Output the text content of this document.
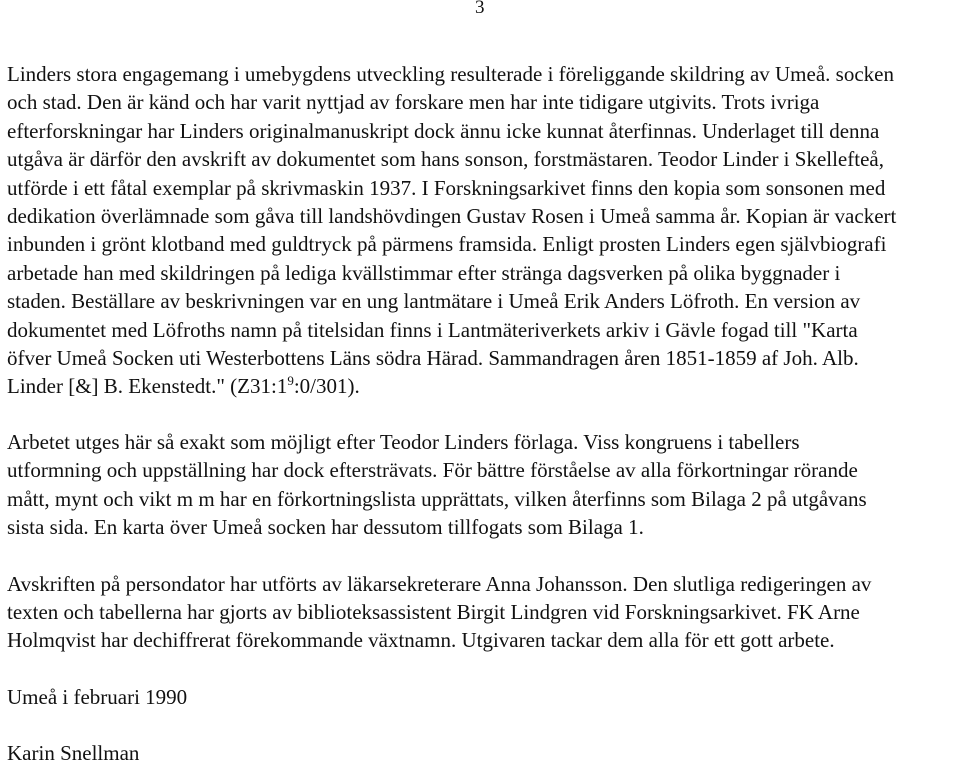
3

Linders stora engagemang i umebygdens utveckling resulterade i föreliggande skildring av Umeå. socken
och stad. Den är känd och har varit nyttjad av forskare men har inte tidigare utgivits. Trots ivriga
efterforskningar har Linders originalmanuskript dock ännu icke kunnat återfinnas. Underlaget till denna
utgåva är därför den avskrift av dokumentet som hans sonson, forstmästaren. Teodor Linder i Skellefteå,
utförde i ett fåtal exemplar på skrivmaskin 1937. I Forskningsarkivet finns den kopia som sonsonen med
dedikation överlämnade som gåva till landshövdingen Gustav Rosen i Umeå samma år. Kopian är vackert
inbunden i grönt klotband med guldtryck på pärmens framsida. Enligt prosten Linders egen självbiografi
arbetade han med skildringen på lediga kvällstimmar efter stränga dagsverken på olika byggnader i
staden. Beställare av beskrivningen var en ung lantmätare i Umeå Erik Anders Löfroth. En version av
dokumentet med Löfroths namn på titelsidan finns i Lantmäteriverkets arkiv i Gävle fogad till "Karta
öfver Umeå Socken uti Westerbottens Läns södra Härad. Sammandragen åren 1851-1859 af Joh. Alb.
Linder [&] B. Ekenstedt." $(Z31:1^9:0/301)$.

Arbetet utges här så exakt som möjligt efter Teodor Linders förlaga. Viss kongruens i tabellers
utformning och uppställning har dock eftersträvats. För bättre förståelse av alla förkortningar rörande
mått, mynt och vikt m m har en förkortningslista upprättats, vilken återfinns som Bilaga 2 på utgåvans
sista sida. En karta över Umeå socken har dessutom tillfogats som Bilaga 1.

Avskriften på persondator har utförts av läkarsekreterare Anna Johansson. Den slutliga redigeringen av
texten och tabellerna har gjorts av biblioteksassistent Birgit Lindgren vid Forskningsarkivet. FK Arne
Holmqvist har dechiffrerat förekommande växtnamn. Utgivaren tackar dem alla för ett gott arbete.

Umeå i februari 1990

Karin Snellman
